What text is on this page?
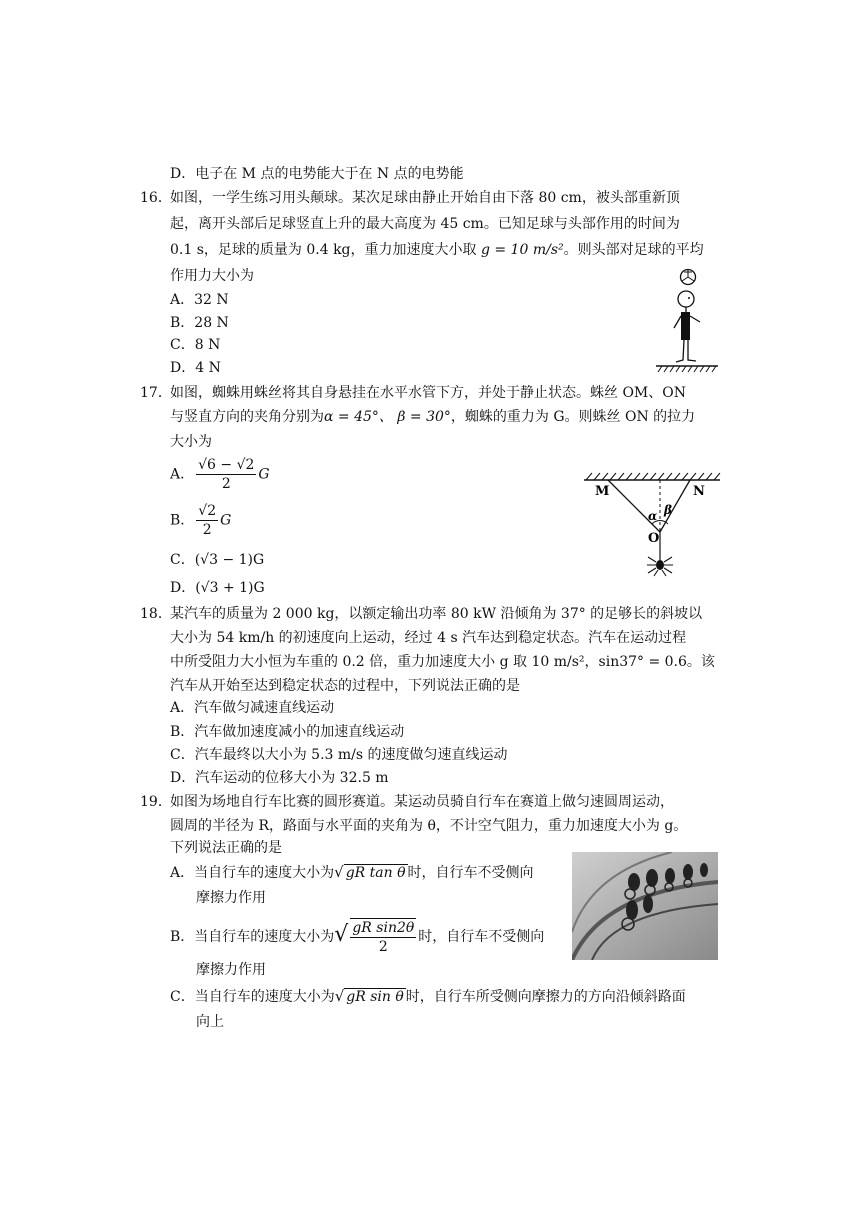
D．电子在 M 点的电势能大于在 N 点的电势能
16．
如图，一学生练习用头颠球。某次足球由静止开始自由下落 80 cm，被头部重新顶
起，离开头部后足球竖直上升的最大高度为 45 cm。已知足球与头部作用的时间为
0.1 s，足球的质量为 0.4 kg，重力加速度大小取 g = 10 m/s²。则头部对足球的平均
作用力大小为
A．32 N
B．28 N
C．8 N
D．4 N
17．
如图，蜘蛛用蛛丝将其自身悬挂在水平水管下方，并处于静止状态。蛛丝 OM、ON
与竖直方向的夹角分别为α = 45°、 β = 30°，蜘蛛的重力为 G。则蛛丝 ON 的拉力
大小为
A． $\frac{√6 - √2}{2}$ G
B． $\frac{√2}{2}$ G
C．(√3 − 1)G
D．(√3 + 1)G
M	N
α β
O
18．
某汽车的质量为 2 000 kg，以额定输出功率 80 kW 沿倾角为 37° 的足够长的斜坡以
大小为 54 km/h 的初速度向上运动，经过 4 s 汽车达到稳定状态。汽车在运动过程
中所受阻力大小恒为车重的 0.2 倍，重力加速度大小 g 取 10 m/s²，sin37° = 0.6。该
汽车从开始至达到稳定状态的过程中，下列说法正确的是
A．汽车做匀减速直线运动
B．汽车做加速度减小的加速直线运动
C．汽车最终以大小为 5.3 m/s 的速度做匀速直线运动
D．汽车运动的位移大小为 32.5 m
19．
如图为场地自行车比赛的圆形赛道。某运动员骑自行车在赛道上做匀速圆周运动，
圆周的半径为 R，路面与水平面的夹角为 θ，不计空气阻力，重力加速度大小为 g。
下列说法正确的是
A．当自行车的速度大小为√ gR tan θ 时，自行车不受侧向
摩擦力作用
B．当自行车的速度大小为√ $\frac{\text{gR sin2θ}}{2}$ 时，自行车不受侧向
摩擦力作用
C．当自行车的速度大小为√ gR sin θ 时，自行车所受侧向摩擦力的方向沿倾斜路面
向上
